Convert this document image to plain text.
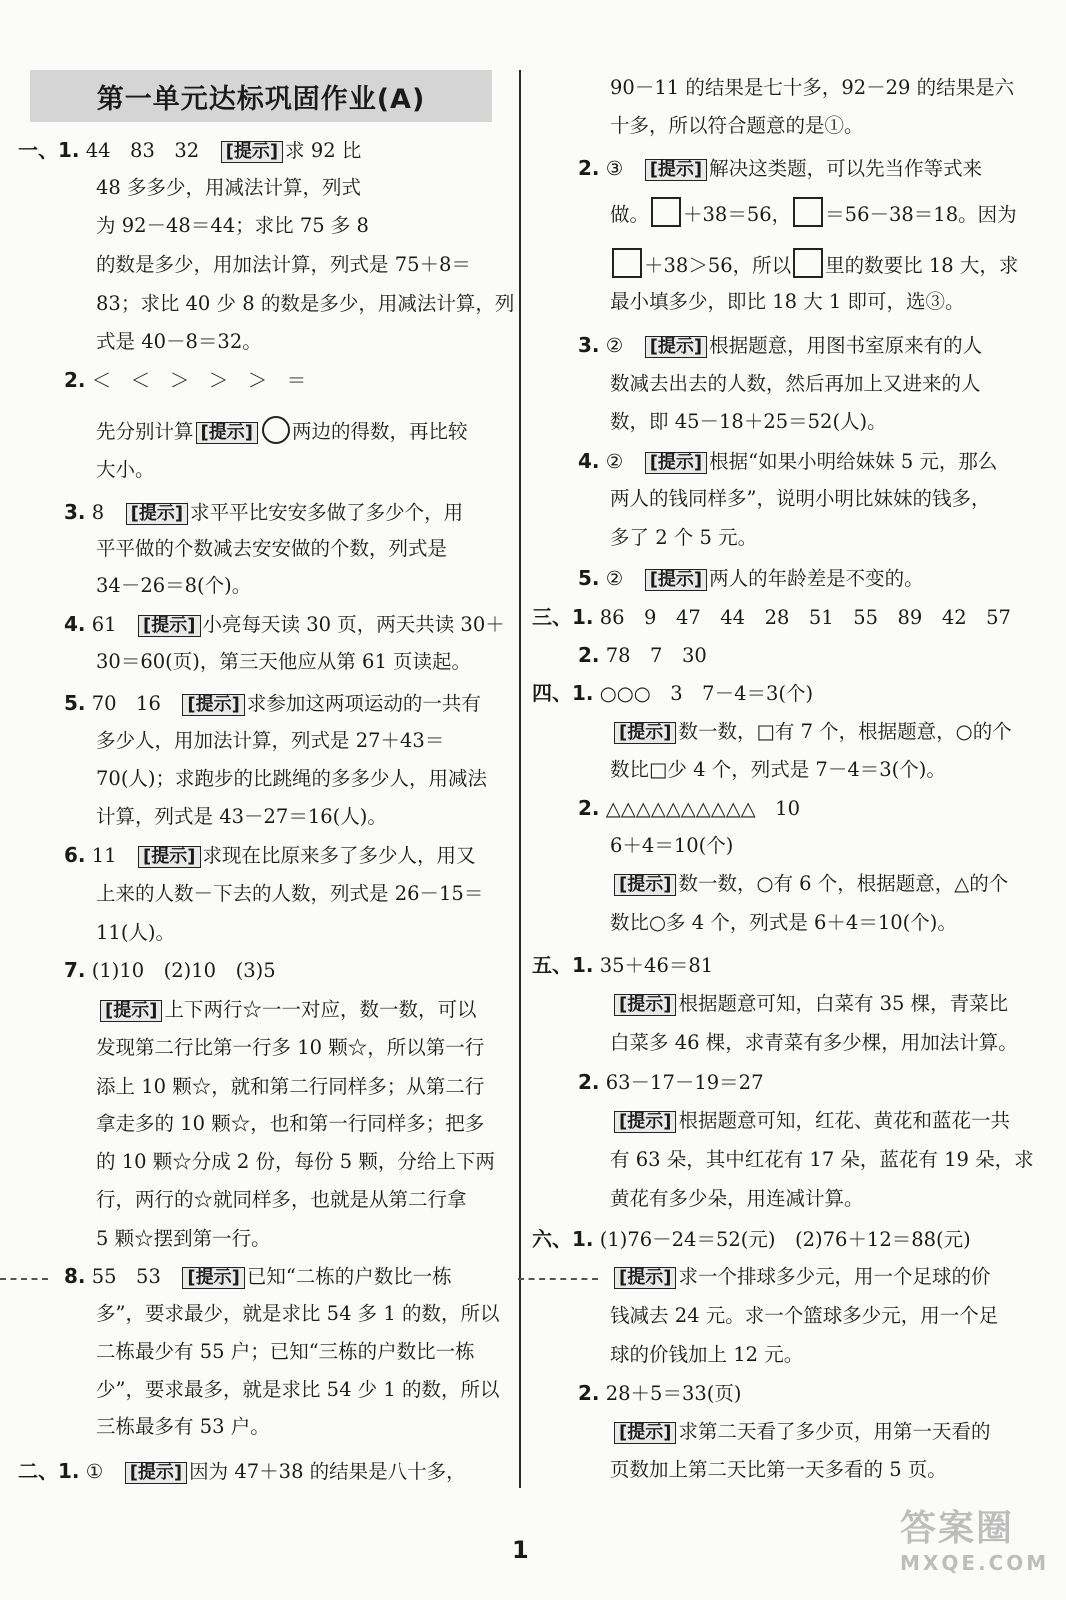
第一单元达标巩固作业(A)
一、1. 44　83　32　[提示] 求 92 比
48 多多少，用减法计算，列式
为 92－48＝44；求比 75 多 8
的数是多少，用加法计算，列式是 75＋8＝
83；求比 40 少 8 的数是多少，用减法计算，列
式是 40－8＝32。
2. ＜　＜　＞　＞　＞　＝
先分别计算 [提示] 两边的得数，再比较
大小。
3. 8　[提示] 求平平比安安多做了多少个，用
平平做的个数减去安安做的个数，列式是
34－26＝8(个)。
4. 61　[提示] 小亮每天读 30 页，两天共读 30＋
30＝60(页)，第三天他应从第 61 页读起。
5. 70　16　[提示] 求参加这两项运动的一共有
多少人，用加法计算，列式是 27＋43＝
70(人)；求跑步的比跳绳的多多少人，用减法
计算，列式是 43－27＝16(人)。
6. 11　[提示] 求现在比原来多了多少人，用又
上来的人数－下去的人数，列式是 26－15＝
11(人)。
7. (1)10　(2)10　(3)5
[提示] 上下两行☆一一对应，数一数，可以
发现第二行比第一行多 10 颗☆，所以第一行
添上 10 颗☆，就和第二行同样多；从第二行
拿走多的 10 颗☆，也和第一行同样多；把多
的 10 颗☆分成 2 份，每份 5 颗，分给上下两
行，两行的☆就同样多，也就是从第二行拿
5 颗☆摆到第一行。
8. 55　53　[提示] 已知“二栋的户数比一栋
多”，要求最少，就是求比 54 多 1 的数，所以
二栋最少有 55 户；已知“三栋的户数比一栋
少”，要求最多，就是求比 54 少 1 的数，所以
三栋最多有 53 户。
二、1. ①　[提示] 因为 47＋38 的结果是八十多，
90－11 的结果是七十多，92－29 的结果是六
十多，所以符合题意的是①。
2. ③　[提示] 解决这类题，可以先当作等式来
做。 ＋38＝56， ＝56－38＝18。因为
＋38＞56，所以 里的数要比 18 大，求
最小填多少，即比 18 大 1 即可，选③。
3. ②　[提示] 根据题意，用图书室原来有的人
数减去出去的人数，然后再加上又进来的人
数，即 45－18＋25＝52(人)。
4. ②　[提示] 根据“如果小明给妹妹 5 元，那么
两人的钱同样多”，说明小明比妹妹的钱多，
多了 2 个 5 元。
5. ②　[提示] 两人的年龄差是不变的。
三、1. 86　9　47　44　28　51　55　89　42　57
2. 78　7　30
四、1. ○○○　3　7－4＝3(个)
[提示] 数一数，□有 7 个，根据题意，○的个
数比□少 4 个，列式是 7－4＝3(个)。
2. △△△△△△△△△△　10
6＋4＝10(个)
[提示] 数一数，○有 6 个，根据题意，△的个
数比○多 4 个，列式是 6＋4＝10(个)。
五、1. 35＋46＝81
[提示] 根据题意可知，白菜有 35 棵，青菜比
白菜多 46 棵，求青菜有多少棵，用加法计算。
2. 63－17－19＝27
[提示] 根据题意可知，红花、黄花和蓝花一共
有 63 朵，其中红花有 17 朵，蓝花有 19 朵，求
黄花有多少朵，用连减计算。
六、1. (1)76－24＝52(元)　(2)76＋12＝88(元)
[提示] 求一个排球多少元，用一个足球的价
钱减去 24 元。求一个篮球多少元，用一个足
球的价钱加上 12 元。
2. 28＋5＝33(页)
[提示] 求第二天看了多少页，用第一天看的
页数加上第二天比第一天多看的 5 页。
1
答案圈
MXQE.COM
